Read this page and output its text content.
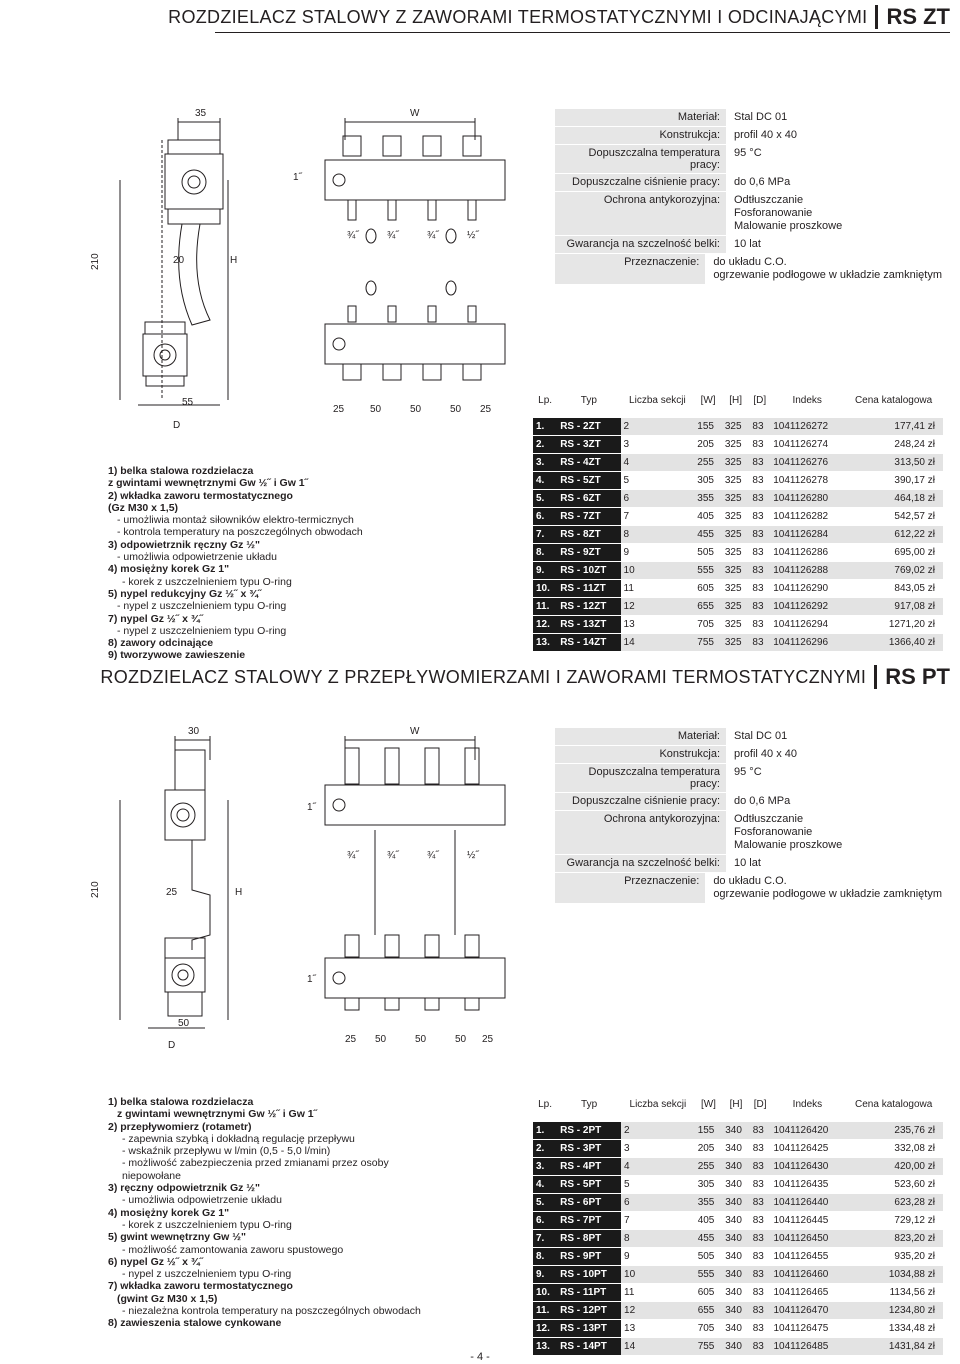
ROZDZIELACZ STALOWY Z ZAWORAMI TERMOSTATYCZNYMI I ODCINAJĄCYMI RS ZT
35
20	H
210
55
D
W
1˝
¾˝	¾˝	¾˝	½˝
25	50	50	50 25
Materiał:	Stal DC 01
Konstrukcja:	profil 40 x 40
Dopuszczalna temperatura pracy:
95 °C
Dopuszczalne ciśnienie pracy:	do 0,6 MPa
Ochrona antykorozyjna:	Odtłuszczanie
Fosforanowanie
Malowanie proszkowe
Gwarancja na szczelność belki:	10 lat
Przeznaczenie:	do układu C.O.
ogrzewanie podłogowe w układzie zamkniętym
Lp.	Typ	Liczba sekcji	[W]	[H]	[D]	Indeks	Cena katalogowa
1.	RS - 2ZT	2	155	325	83	1041126272	177,41 zł
2.	RS - 3ZT	3	205	325	83	1041126274	248,24 zł
3.	RS - 4ZT	4	255	325	83	1041126276	313,50 zł
4.	RS - 5ZT	5	305	325	83	1041126278	390,17 zł
5.	RS - 6ZT	6	355	325	83	1041126280	464,18 zł
6.	RS - 7ZT	7	405	325	83	1041126282	542,57 zł
7.	RS - 8ZT	8	455	325	83	1041126284	612,22 zł
8.	RS - 9ZT	9	505	325	83	1041126286	695,00 zł
9.	RS - 10ZT	10	555	325	83	1041126288	769,02 zł
10.	RS - 11ZT	11	605	325	83	1041126290	843,05 zł
11.	RS - 12ZT	12	655	325	83	1041126292	917,08 zł
12.	RS - 13ZT	13	705	325	83	1041126294	1271,20 zł
13.	RS - 14ZT	14	755	325	83	1041126296	1366,40 zł
1) belka stalowa rozdzielacza
z gwintami wewnętrznymi Gw ½˝ i Gw 1˝
2) wkładka zaworu termostatycznego
(Gz M30 x 1,5)
- umożliwia montaż siłowników elektro-termicznych
- kontrola temperatury na poszczególnych obwodach
3) odpowietrznik ręczny Gz ½"
- umożliwia odpowietrzenie układu
4) mosiężny korek Gz 1"
- korek z uszczelnieniem typu O-ring
5) nypel redukcyjny Gz ½˝ x ¾˝
- nypel z uszczelnieniem typu O-ring
7) nypel Gz ½˝ x ¾˝
- nypel z uszczelnieniem typu O-ring
8) zawory odcinające
9) tworzywowe zawieszenie
ROZDZIELACZ STALOWY Z PRZEPŁYWOMIERZAMI I ZAWORAMI TERMOSTATYCZNYMI RS PT
30
25	H
210
50
D
W
1˝
¾˝	¾˝	¾˝	½˝
1˝
25 50	50	50 25
Materiał:	Stal DC 01
Konstrukcja:	profil 40 x 40
Dopuszczalna temperatura pracy:
95 °C
Dopuszczalne ciśnienie pracy:	do 0,6 MPa
Ochrona antykorozyjna:	Odtłuszczanie
Fosforanowanie
Malowanie proszkowe
Gwarancja na szczelność belki:	10 lat
Przeznaczenie:	do układu C.O.
ogrzewanie podłogowe w układzie zamkniętym
Lp.	Typ	Liczba sekcji	[W]	[H]	[D]	Indeks	Cena katalogowa
1.	RS - 2PT	2	155	340	83	1041126420	235,76 zł
2.	RS - 3PT	3	205	340	83	1041126425	332,08 zł
3.	RS - 4PT	4	255	340	83	1041126430	420,00 zł
4.	RS - 5PT	5	305	340	83	1041126435	523,60 zł
5.	RS - 6PT	6	355	340	83	1041126440	623,28 zł
6.	RS - 7PT	7	405	340	83	1041126445	729,12 zł
7.	RS - 8PT	8	455	340	83	1041126450	823,20 zł
8.	RS - 9PT	9	505	340	83	1041126455	935,20 zł
9.	RS - 10PT	10	555	340	83	1041126460	1034,88 zł
10.	RS - 11PT	11	605	340	83	1041126465	1134,56 zł
11.	RS - 12PT	12	655	340	83	1041126470	1234,80 zł
12.	RS - 13PT	13	705	340	83	1041126475	1334,48 zł
13.	RS - 14PT	14	755	340	83	1041126485	1431,84 zł
1) belka stalowa rozdzielacza
z gwintami wewnętrznymi Gw ½˝ i Gw 1˝
2) przepływomierz (rotametr)
- zapewnia szybką i dokładną regulację przepływu
- wskaźnik przepływu w l/min (0,5 - 5,0 l/min)
- możliwość zabezpieczenia przed zmianami przez osoby
niepowołane
3) ręczny odpowietrznik Gz ½"
- umożliwia odpowietrzenie układu
4) mosiężny korek Gz 1"
- korek z uszczelnieniem typu O-ring
5) gwint wewnętrzny Gw ½"
- możliwość zamontowania zaworu spustowego
6) nypel Gz ½˝ x ¾˝
- nypel z uszczelnieniem typu O-ring
7) wkładka zaworu termostatycznego
(gwint Gz M30 x 1,5)
- niezależna kontrola temperatury na poszczególnych obwodach
8) zawieszenia stalowe cynkowane
- 4 -
